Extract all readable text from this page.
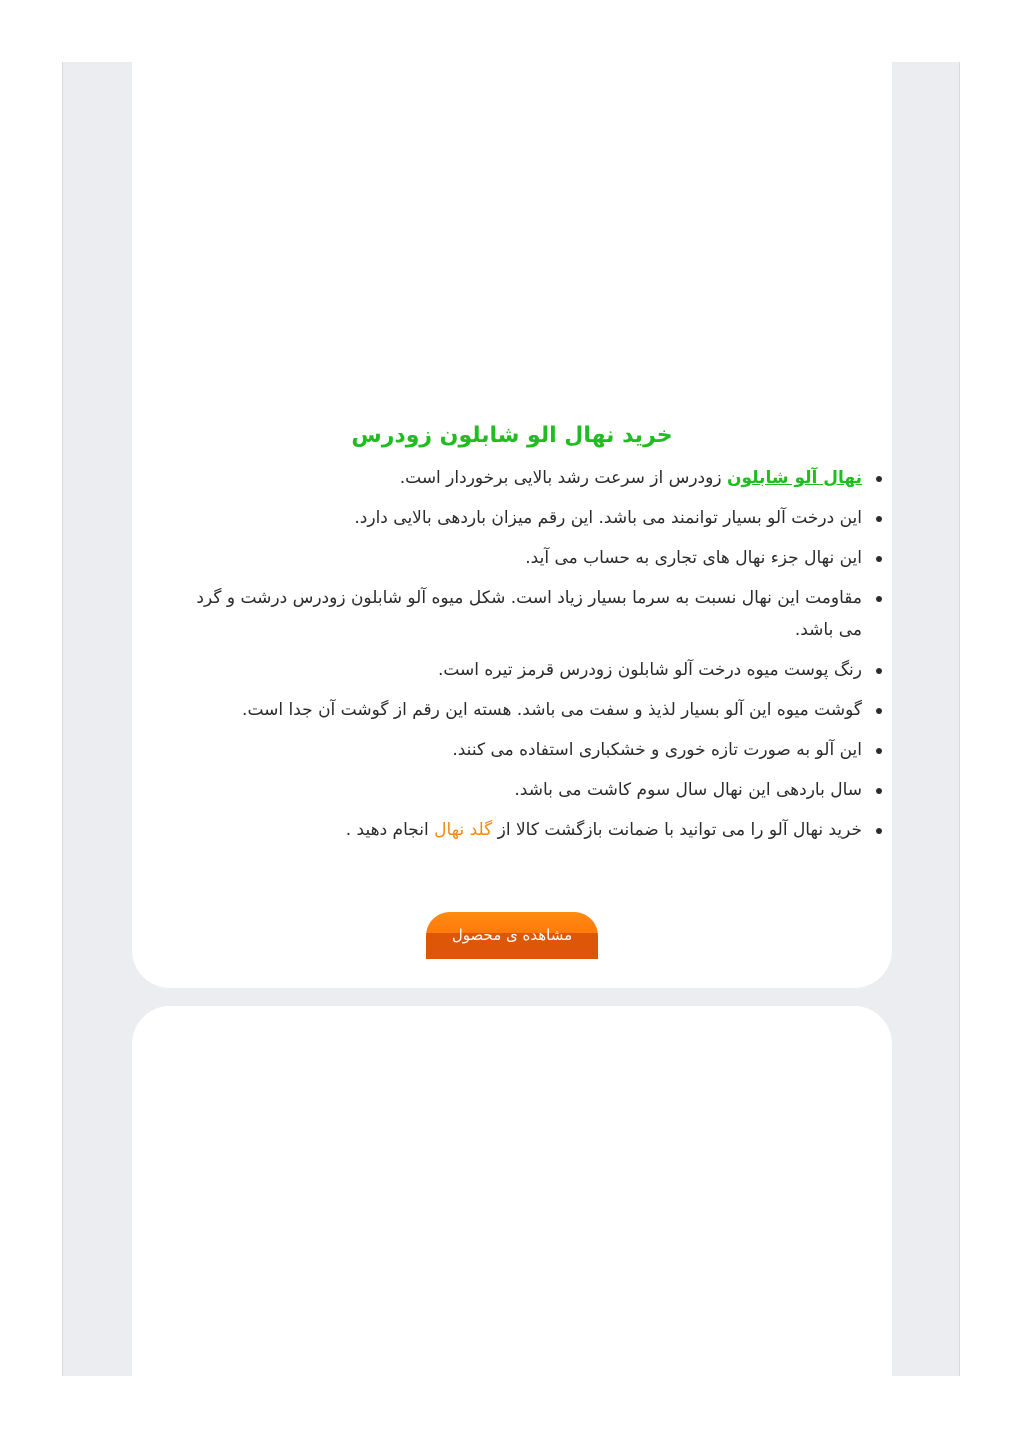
خرید نهال الو شابلون زودرس
نهال آلو شابلون زودرس از سرعت رشد بالایی برخوردار است.
این درخت آلو بسیار توانمند می باشد. این رقم میزان باردهی بالایی دارد.
این نهال جزء نهال های تجاری به حساب می آید.
مقاومت این نهال نسبت به سرما بسیار زیاد است. شکل میوه آلو شابلون زودرس درشت و گرد می باشد.
رنگ پوست میوه درخت آلو شابلون زودرس قرمز تیره است.
گوشت میوه این آلو بسیار لذیذ و سفت می باشد. هسته این رقم از گوشت آن جدا است.
این آلو به صورت تازه خوری و خشکباری استفاده می کنند.
سال باردهی این نهال سال سوم کاشت می باشد.
خرید نهال آلو را می توانید با ضمانت بازگشت کالا از گلد نهال انجام دهید .
مشاهده ی محصول
